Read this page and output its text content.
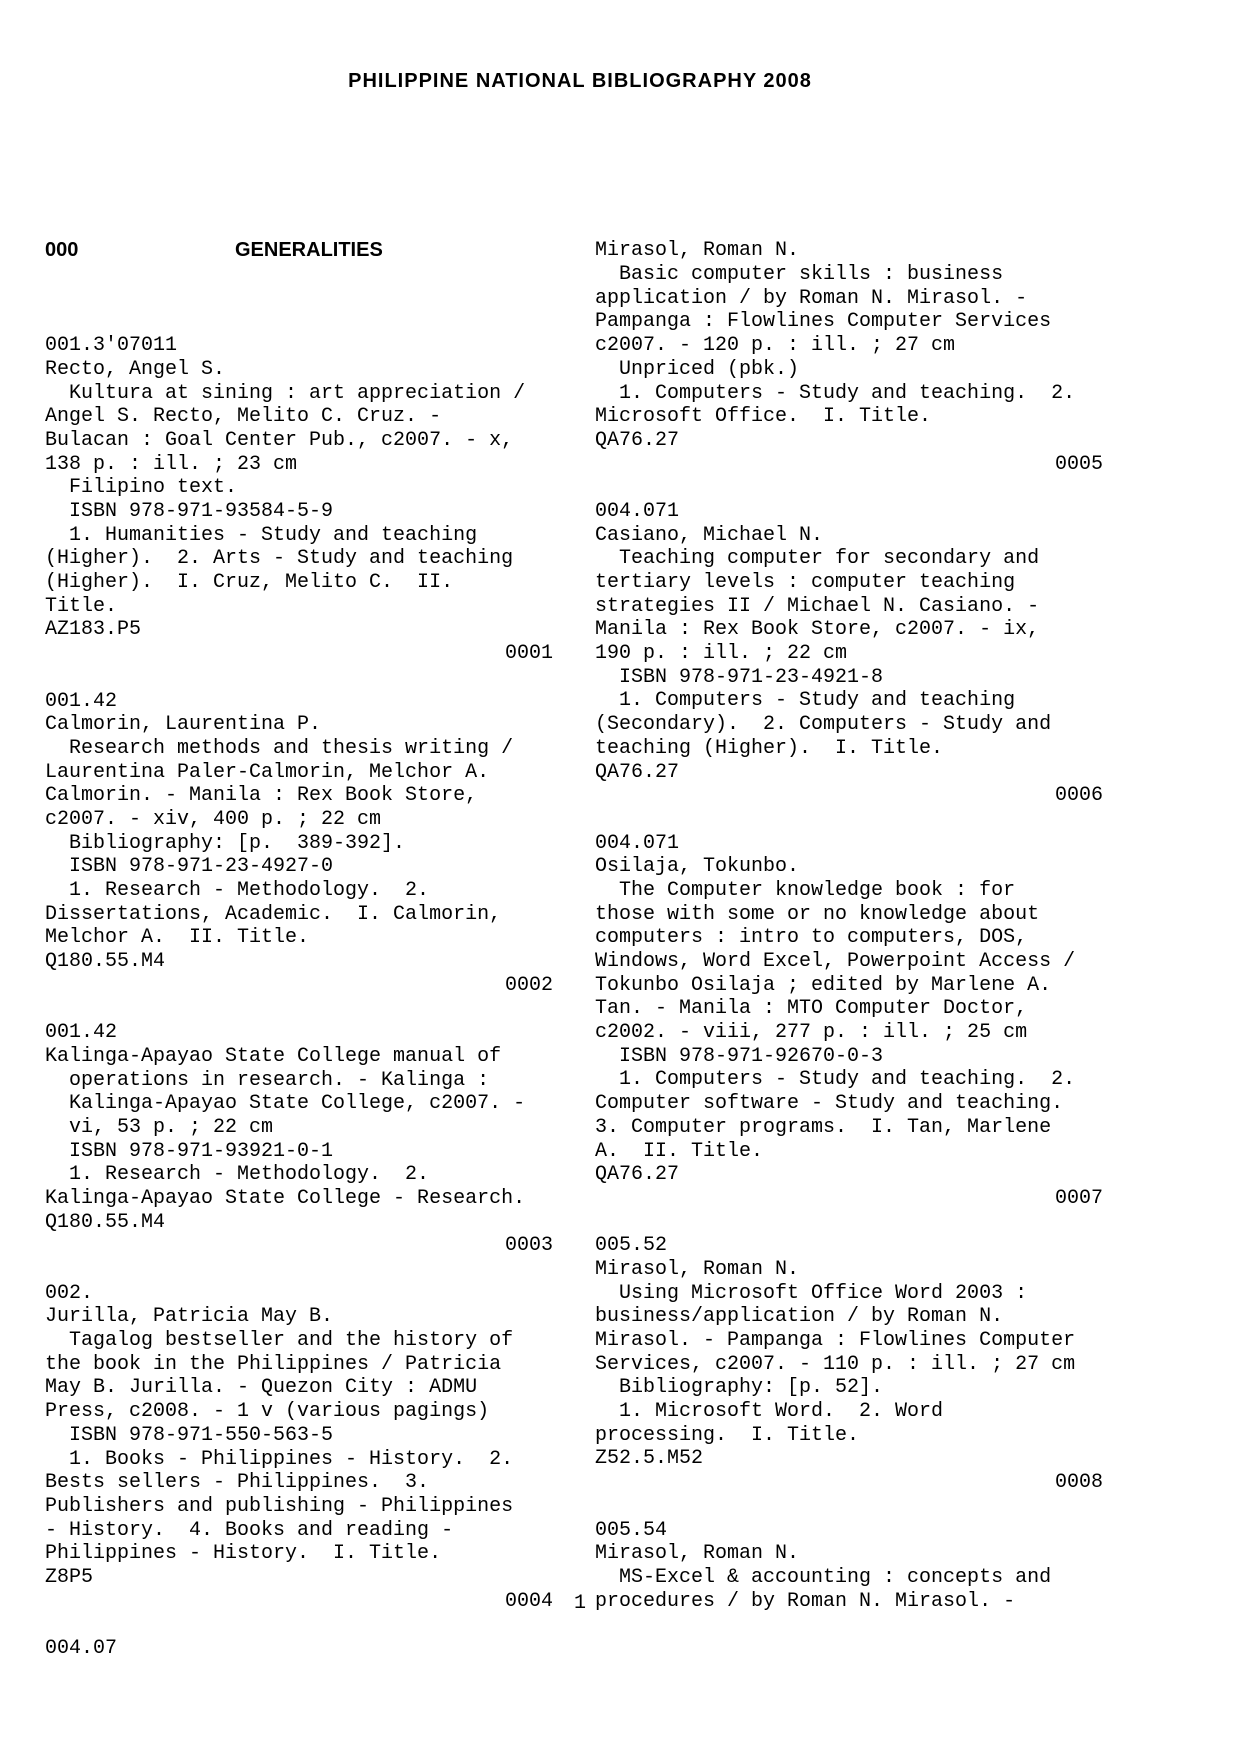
PHILIPPINE NATIONAL BIBLIOGRAPHY 2008

000	GENERALITIES

001.3'07011
Recto, Angel S.
Kultura at sining : art appreciation /
Angel S. Recto, Melito C. Cruz. -
Bulacan : Goal Center Pub., c2007. - x,
138 p. : ill. ; 23 cm
Filipino text.
ISBN 978-971-93584-5-9
1. Humanities - Study and teaching
(Higher).  2. Arts - Study and teaching
(Higher).  I. Cruz, Melito C.  II.
Title.
AZ183.P5
0001
001.42
Calmorin, Laurentina P.
Research methods and thesis writing /
Laurentina Paler-Calmorin, Melchor A.
Calmorin. - Manila : Rex Book Store,
c2007. - xiv, 400 p. ; 22 cm
Bibliography: [p.  389-392].
ISBN 978-971-23-4927-0
1. Research - Methodology.  2.
Dissertations, Academic.  I. Calmorin,
Melchor A.  II. Title.
Q180.55.M4
0002
001.42
Kalinga-Apayao State College manual of
operations in research. - Kalinga :
Kalinga-Apayao State College, c2007. -
vi, 53 p. ; 22 cm
ISBN 978-971-93921-0-1
1. Research - Methodology.  2.
Kalinga-Apayao State College - Research.
Q180.55.M4
0003
002.
Jurilla, Patricia May B.
Tagalog bestseller and the history of
the book in the Philippines / Patricia
May B. Jurilla. - Quezon City : ADMU
Press, c2008. - 1 v (various pagings)
ISBN 978-971-550-563-5
1. Books - Philippines - History.  2.
Bests sellers - Philippines.  3.
Publishers and publishing - Philippines
- History.  4. Books and reading -
Philippines - History.  I. Title.
Z8P5
0004
004.07

Mirasol, Roman N.
Basic computer skills : business
application / by Roman N. Mirasol. -
Pampanga : Flowlines Computer Services
c2007. - 120 p. : ill. ; 27 cm
Unpriced (pbk.)
1. Computers - Study and teaching.  2.
Microsoft Office.  I. Title.
QA76.27
0005
004.071
Casiano, Michael N.
Teaching computer for secondary and
tertiary levels : computer teaching
strategies II / Michael N. Casiano. -
Manila : Rex Book Store, c2007. - ix,
190 p. : ill. ; 22 cm
ISBN 978-971-23-4921-8
1. Computers - Study and teaching
(Secondary).  2. Computers - Study and
teaching (Higher).  I. Title.
QA76.27
0006
004.071
Osilaja, Tokunbo.
The Computer knowledge book : for
those with some or no knowledge about
computers : intro to computers, DOS,
Windows, Word Excel, Powerpoint Access /
Tokunbo Osilaja ; edited by Marlene A.
Tan. - Manila : MTO Computer Doctor,
c2002. - viii, 277 p. : ill. ; 25 cm
ISBN 978-971-92670-0-3
1. Computers - Study and teaching.  2.
Computer software - Study and teaching.
3. Computer programs.  I. Tan, Marlene
A.  II. Title.
QA76.27
0007
005.52
Mirasol, Roman N.
Using Microsoft Office Word 2003 :
business/application / by Roman N.
Mirasol. - Pampanga : Flowlines Computer
Services, c2007. - 110 p. : ill. ; 27 cm
Bibliography: [p. 52].
1. Microsoft Word.  2. Word
processing.  I. Title.
Z52.5.M52
0008
005.54
Mirasol, Roman N.
MS-Excel & accounting : concepts and
procedures / by Roman N. Mirasol. -

1
